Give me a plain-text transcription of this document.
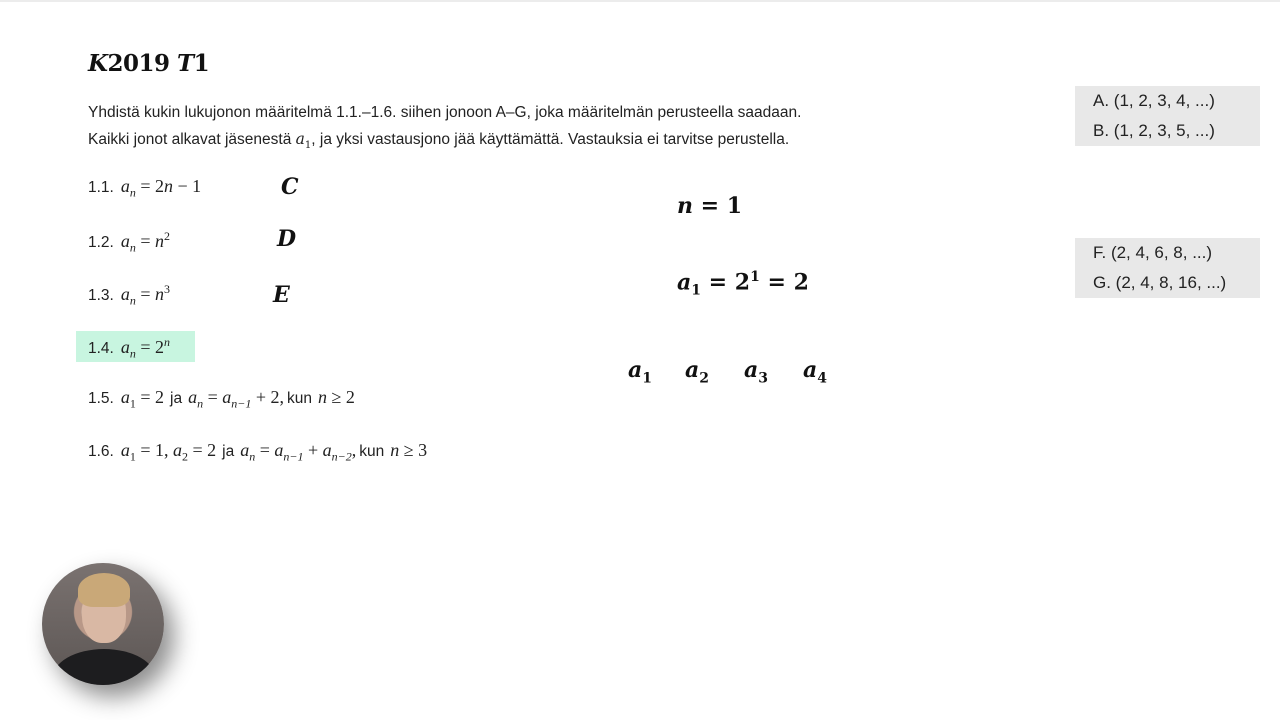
K2019 T1
Yhdistä kukin lukujonon määritelmä 1.1.–1.6. siihen jonoon A–G, joka määritelmän perusteella saadaan.
Kaikki jonot alkavat jäsenestä $a_1$, ja yksi vastausjono jää käyttämättä. Vastauksia ei tarvitse perustella.
1.1. $a_n = 2n - 1$
1.2. $a_n = n^2$
1.3. $a_n = n^3$
1.4. $a_n = 2^n$
1.5. $a_1 = 2$ ja $a_n = a_{n-1} + 2$, kun n ≥ 2
1.6. $a_1 = 1$, $a_2 = 2$ ja $a_n = a_{n-1} + a_{n-2}$, kun n ≥ 3
C
D
E
n = 1
$a_1 = 2^1 = 2$
$a_1$ $a_2$ $a_3$ $a_4$
A. (1, 2, 3, 4, ...)
B. (1, 2, 3, 5, ...)
F. (2, 4, 6, 8, ...)
G. (2, 4, 8, 16, ...)
